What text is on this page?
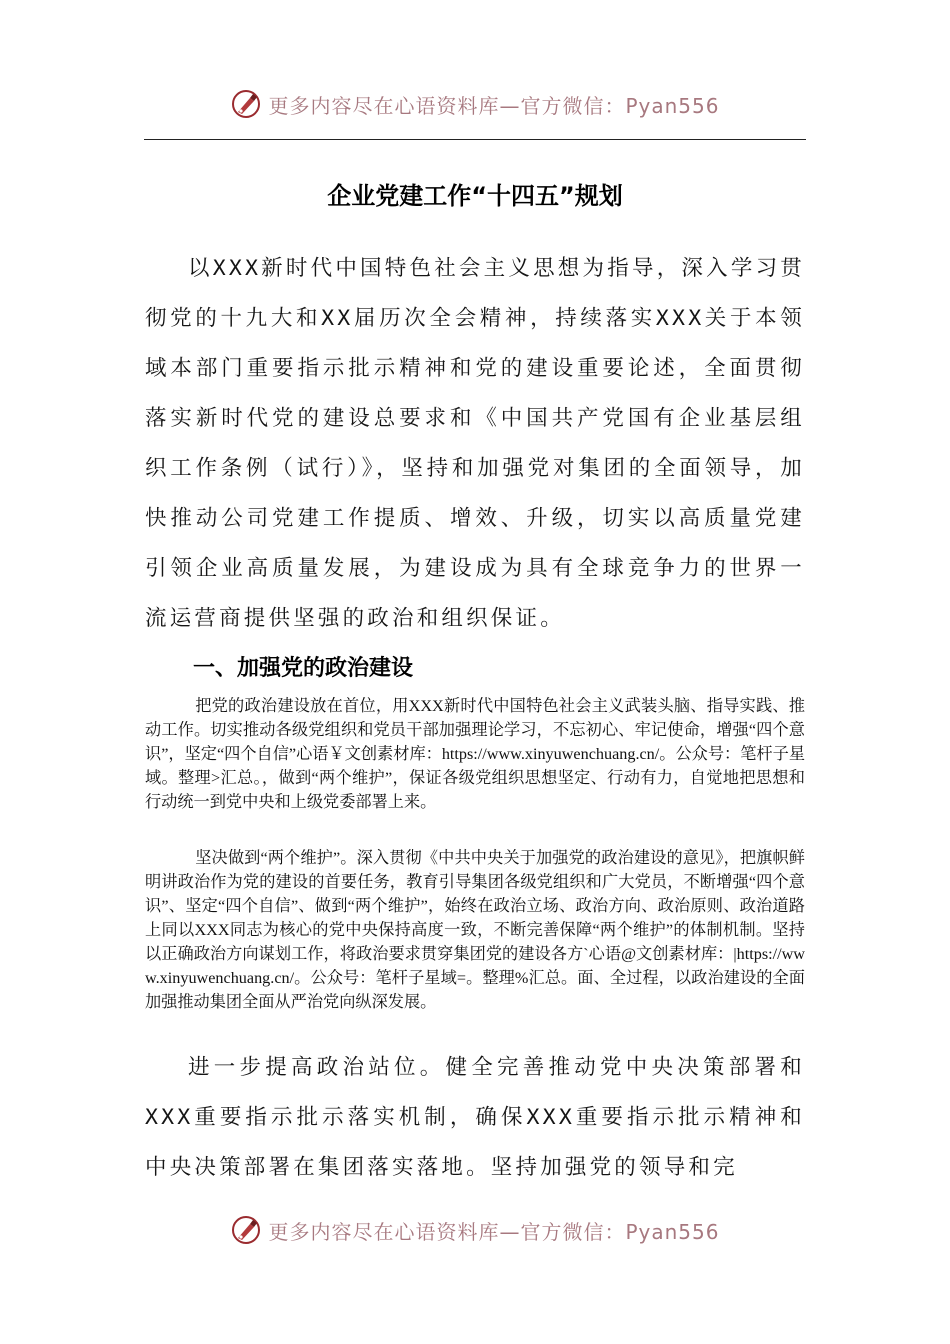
更多内容尽在心语资料库—官方微信：Pyan556
企业党建工作“十四五”规划

以XXX新时代中国特色社会主义思想为指导，深入学习贯彻党的十九大和XX届历次全会精神，持续落实XXX关于本领域本部门重要指示批示精神和党的建设重要论述，全面贯彻落实新时代党的建设总要求和《中国共产党国有企业基层组织工作条例（试行）》，坚持和加强党对集团的全面领导，加快推动公司党建工作提质、增效、升级，切实以高质量党建引领企业高质量发展，为建设成为具有全球竞争力的世界一流运营商提供坚强的政治和组织保证。

一、加强党的政治建设

把党的政治建设放在首位，用XXX新时代中国特色社会主义武装头脑、指导实践、推动工作。切实推动各级党组织和党员干部加强理论学习，不忘初心、牢记使命，增强“四个意识”，坚定“四个自信”心语￥文创素材库：https://www.xinyuwenchuang.cn/。公众号：笔杆子星域。整理>汇总。，做到“两个维护”，保证各级党组织思想坚定、行动有力，自觉地把思想和行动统一到党中央和上级党委部署上来。

坚决做到“两个维护”。深入贯彻《中共中央关于加强党的政治建设的意见》，把旗帜鲜明讲政治作为党的建设的首要任务，教育引导集团各级党组织和广大党员，不断增强“四个意识”、坚定“四个自信”、做到“两个维护”，始终在政治立场、政治方向、政治原则、政治道路上同以XXX同志为核心的党中央保持高度一致，不断完善保障“两个维护”的体制机制。坚持以正确政治方向谋划工作，将政治要求贯穿集团党的建设各方`心语@文创素材库：|https://www.xinyuwenchuang.cn/。公众号：笔杆子星域=。整理%汇总。面、全过程，以政治建设的全面加强推动集团全面从严治党向纵深发展。

进一步提高政治站位。健全完善推动党中央决策部署和XXX重要指示批示落实机制，确保XXX重要指示批示精神和中央决策部署在集团落实落地。坚持加强党的领导和完

更多内容尽在心语资料库—官方微信：Pyan556
